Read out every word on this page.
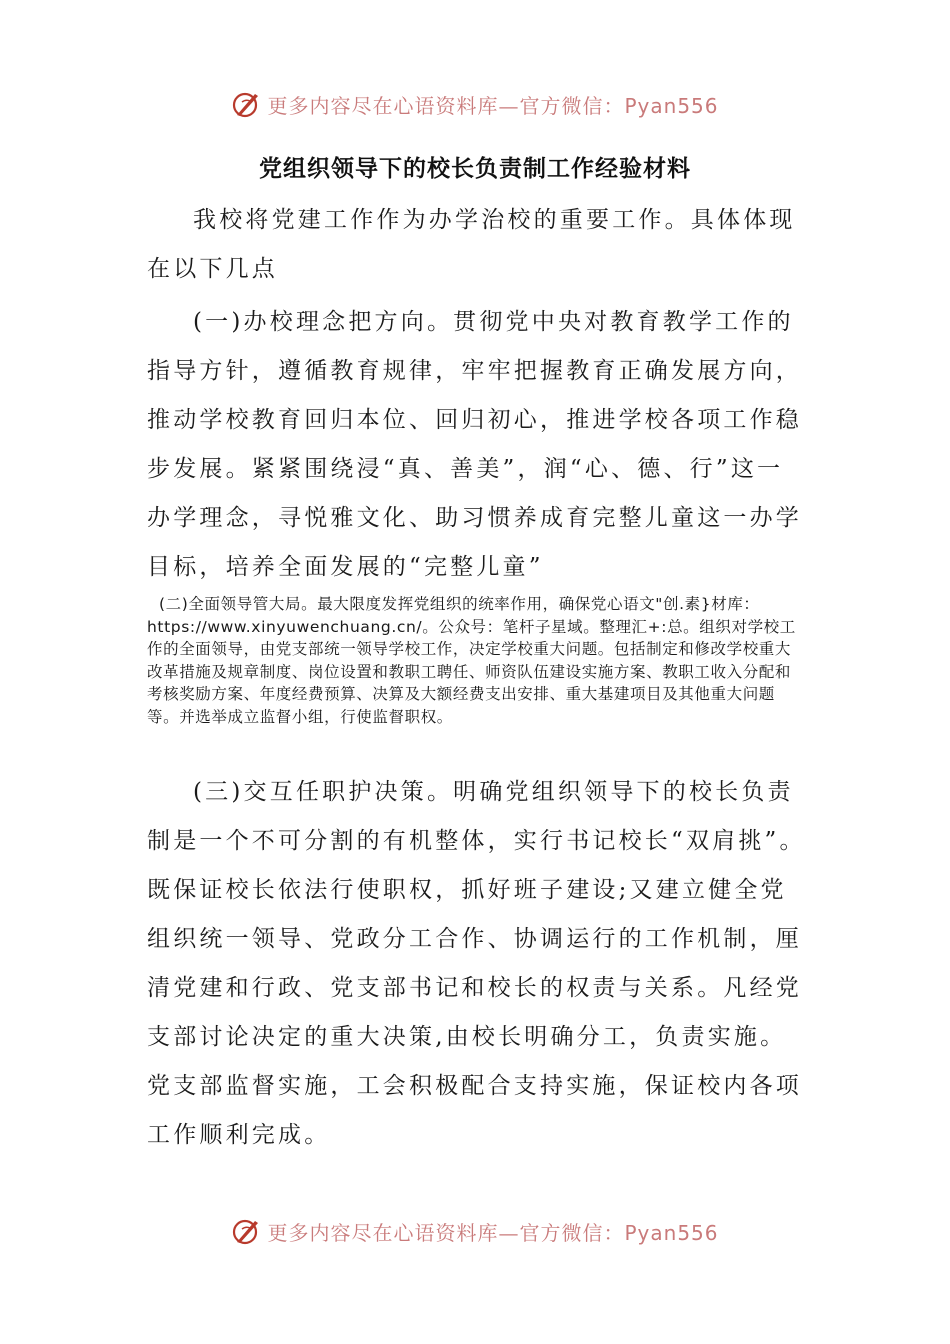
更多内容尽在心语资料库—官方微信：Pyan556
党组织领导下的校长负责制工作经验材料

我校将党建工作作为办学治校的重要工作。具体体现在以下几点

(一)办校理念把方向。贯彻党中央对教育教学工作的指导方针，遵循教育规律，牢牢把握教育正确发展方向，推动学校教育回归本位、回归初心，推进学校各项工作稳步发展。紧紧围绕浸“真、善美”，润“心、德、行”这一办学理念，寻悦雅文化、助习惯养成育完整儿童这一办学目标，培养全面发展的“完整儿童”

(二)全面领导管大局。最大限度发挥党组织的统率作用，确保党心语文"创.素}材库：https://www.xinyuwenchuang.cn/。公众号：笔杆子星域。整理汇+:总。组织对学校工作的全面领导，由党支部统一领导学校工作，决定学校重大问题。包括制定和修改学校重大改革措施及规章制度、岗位设置和教职工聘任、师资队伍建设实施方案、教职工收入分配和考核奖励方案、年度经费预算、决算及大额经费支出安排、重大基建项目及其他重大问题等。并选举成立监督小组，行使监督职权。

(三)交互任职护决策。明确党组织领导下的校长负责制是一个不可分割的有机整体，实行书记校长“双肩挑”。既保证校长依法行使职权，抓好班子建设;又建立健全党组织统一领导、党政分工合作、协调运行的工作机制，厘清党建和行政、党支部书记和校长的权责与关系。凡经党支部讨论决定的重大决策,由校长明确分工，负责实施。党支部监督实施，工会积极配合支持实施，保证校内各项工作顺利完成。

更多内容尽在心语资料库—官方微信：Pyan556
